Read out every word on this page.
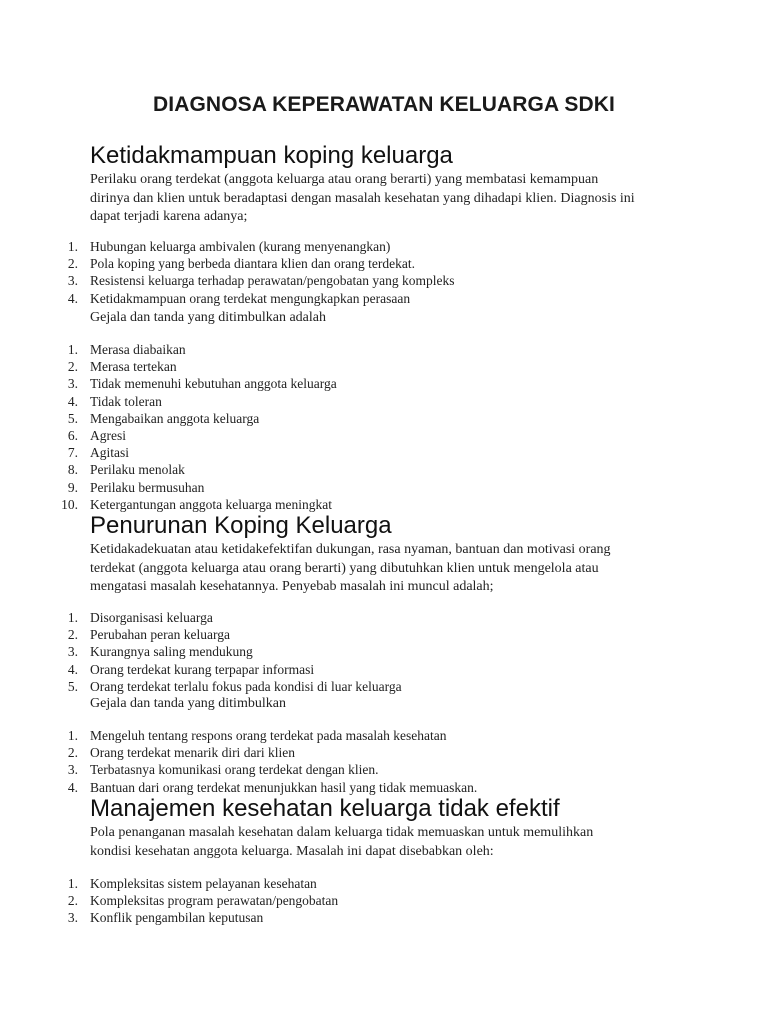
DIAGNOSA KEPERAWATAN KELUARGA SDKI
Ketidakmampuan koping keluarga
Perilaku orang terdekat (anggota keluarga atau orang berarti) yang membatasi kemampuan
dirinya dan klien untuk beradaptasi dengan masalah kesehatan yang dihadapi klien. Diagnosis ini
dapat terjadi karena adanya;
1. Hubungan keluarga ambivalen (kurang menyenangkan)
2. Pola koping yang berbeda diantara klien dan orang terdekat.
3. Resistensi keluarga terhadap perawatan/pengobatan yang kompleks
4. Ketidakmampuan orang terdekat mengungkapkan perasaan
Gejala dan tanda yang ditimbulkan adalah
1. Merasa diabaikan
2. Merasa tertekan
3. Tidak memenuhi kebutuhan anggota keluarga
4. Tidak toleran
5. Mengabaikan anggota keluarga
6. Agresi
7. Agitasi
8. Perilaku menolak
9. Perilaku bermusuhan
10. Ketergantungan anggota keluarga meningkat
Penurunan Koping Keluarga
Ketidakadekuatan atau ketidakefektifan dukungan, rasa nyaman, bantuan dan motivasi orang
terdekat (anggota keluarga atau orang berarti) yang dibutuhkan klien untuk mengelola atau
mengatasi masalah kesehatannya. Penyebab masalah ini muncul adalah;
1. Disorganisasi keluarga
2. Perubahan peran keluarga
3. Kurangnya saling mendukung
4. Orang terdekat kurang terpapar informasi
5. Orang terdekat terlalu fokus pada kondisi di luar keluarga
Gejala dan tanda yang ditimbulkan
1. Mengeluh tentang respons orang terdekat pada masalah kesehatan
2. Orang terdekat menarik diri dari klien
3. Terbatasnya komunikasi orang terdekat dengan klien.
4. Bantuan dari orang terdekat menunjukkan hasil yang tidak memuaskan.
Manajemen kesehatan keluarga tidak efektif
Pola penanganan masalah kesehatan dalam keluarga tidak memuaskan untuk memulihkan
kondisi kesehatan anggota keluarga. Masalah ini dapat disebabkan oleh:
1. Kompleksitas sistem pelayanan kesehatan
2. Kompleksitas program perawatan/pengobatan
3. Konflik pengambilan keputusan
